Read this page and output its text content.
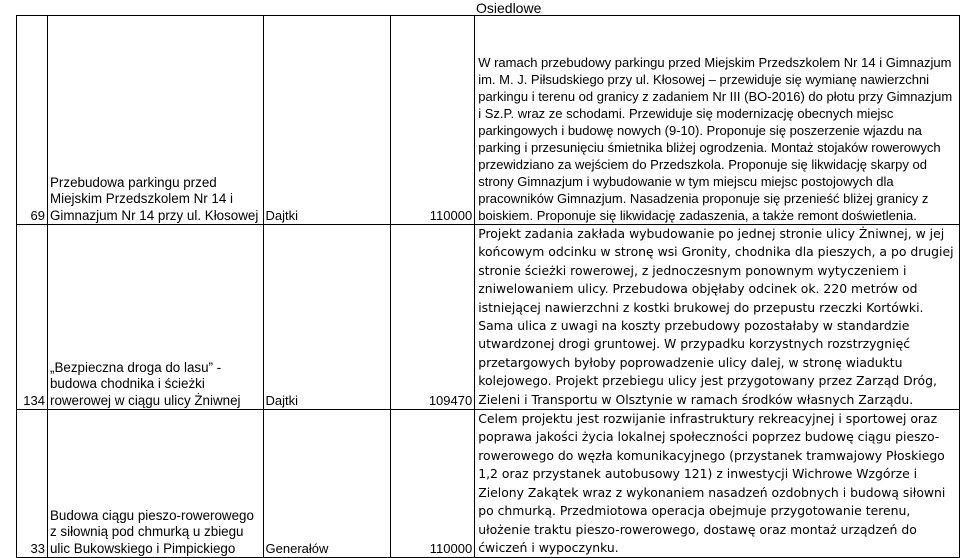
Osiedlowe
69	Przebudowa parkingu przed Miejskim Przedszkolem Nr 14 i Gimnazjum Nr 14 przy ul. Kłosowej	Dajtki	110000	W ramach przebudowy parkingu przed Miejskim Przedszkolem Nr 14 i Gimnazjum im. M. J. Piłsudskiego przy ul. Kłosowej – przewiduje się wymianę nawierzchni parkingu i terenu od granicy z zadaniem Nr III (BO-2016) do płotu przy Gimnazjum i Sz.P. wraz ze schodami. Przewiduje się modernizację obecnych miejsc parkingowych i budowę nowych (9-10). Proponuje się poszerzenie wjazdu na parking i przesunięciu śmietnika bliżej ogrodzenia. Montaż stojaków rowerowych przewidziano za wejściem do Przedszkola. Proponuje się likwidację skarpy od strony Gimnazjum i wybudowanie w tym miejscu miejsc postojowych dla pracowników Gimnazjum. Nasadzenia proponuje się przenieść bliżej granicy z boiskiem. Proponuje się likwidację zadaszenia, a także remont doświetlenia.
134	„Bezpieczna droga do lasu” - budowa chodnika i ścieżki rowerowej w ciągu ulicy Żniwnej	Dajtki	109470	Projekt zadania zakłada wybudowanie po jednej stronie ulicy Żniwnej, w jej końcowym odcinku w stronę wsi Gronity, chodnika dla pieszych, a po drugiej stronie ścieżki rowerowej, z jednoczesnym ponownym wytyczeniem i zniwelowaniem ulicy. Przebudowa objęłaby odcinek ok. 220 metrów od istniejącej nawierzchni z kostki brukowej do przepustu rzeczki Kortówki. Sama ulica z uwagi na koszty przebudowy pozostałaby w standardzie utwardzonej drogi gruntowej. W przypadku korzystnych rozstrzygnięć przetargowych byłoby poprowadzenie ulicy dalej, w stronę wiaduktu kolejowego. Projekt przebiegu ulicy jest przygotowany przez Zarząd Dróg, Zieleni i Transportu w Olsztynie w ramach środków własnych Zarządu.
33	Budowa ciągu pieszo-rowerowego z siłownią pod chmurką u zbiegu ulic Bukowskiego i Pimpickiego	Generałów	110000	Celem projektu jest rozwijanie infrastruktury rekreacyjnej i sportowej oraz poprawa jakości życia lokalnej społeczności poprzez budowę ciągu pieszo- rowerowego do węzła komunikacyjnego (przystanek tramwajowy Płoskiego 1,2 oraz przystanek autobusowy 121) z inwestycji Wichrowe Wzgórze i Zielony Zakątek wraz z wykonaniem nasadzeń ozdobnych i budową siłowni po chmurką. Przedmiotowa operacja obejmuje przygotowanie terenu, ułożenie traktu pieszo-rowerowego, dostawę oraz montaż urządzeń do ćwiczeń i wypoczynku.
